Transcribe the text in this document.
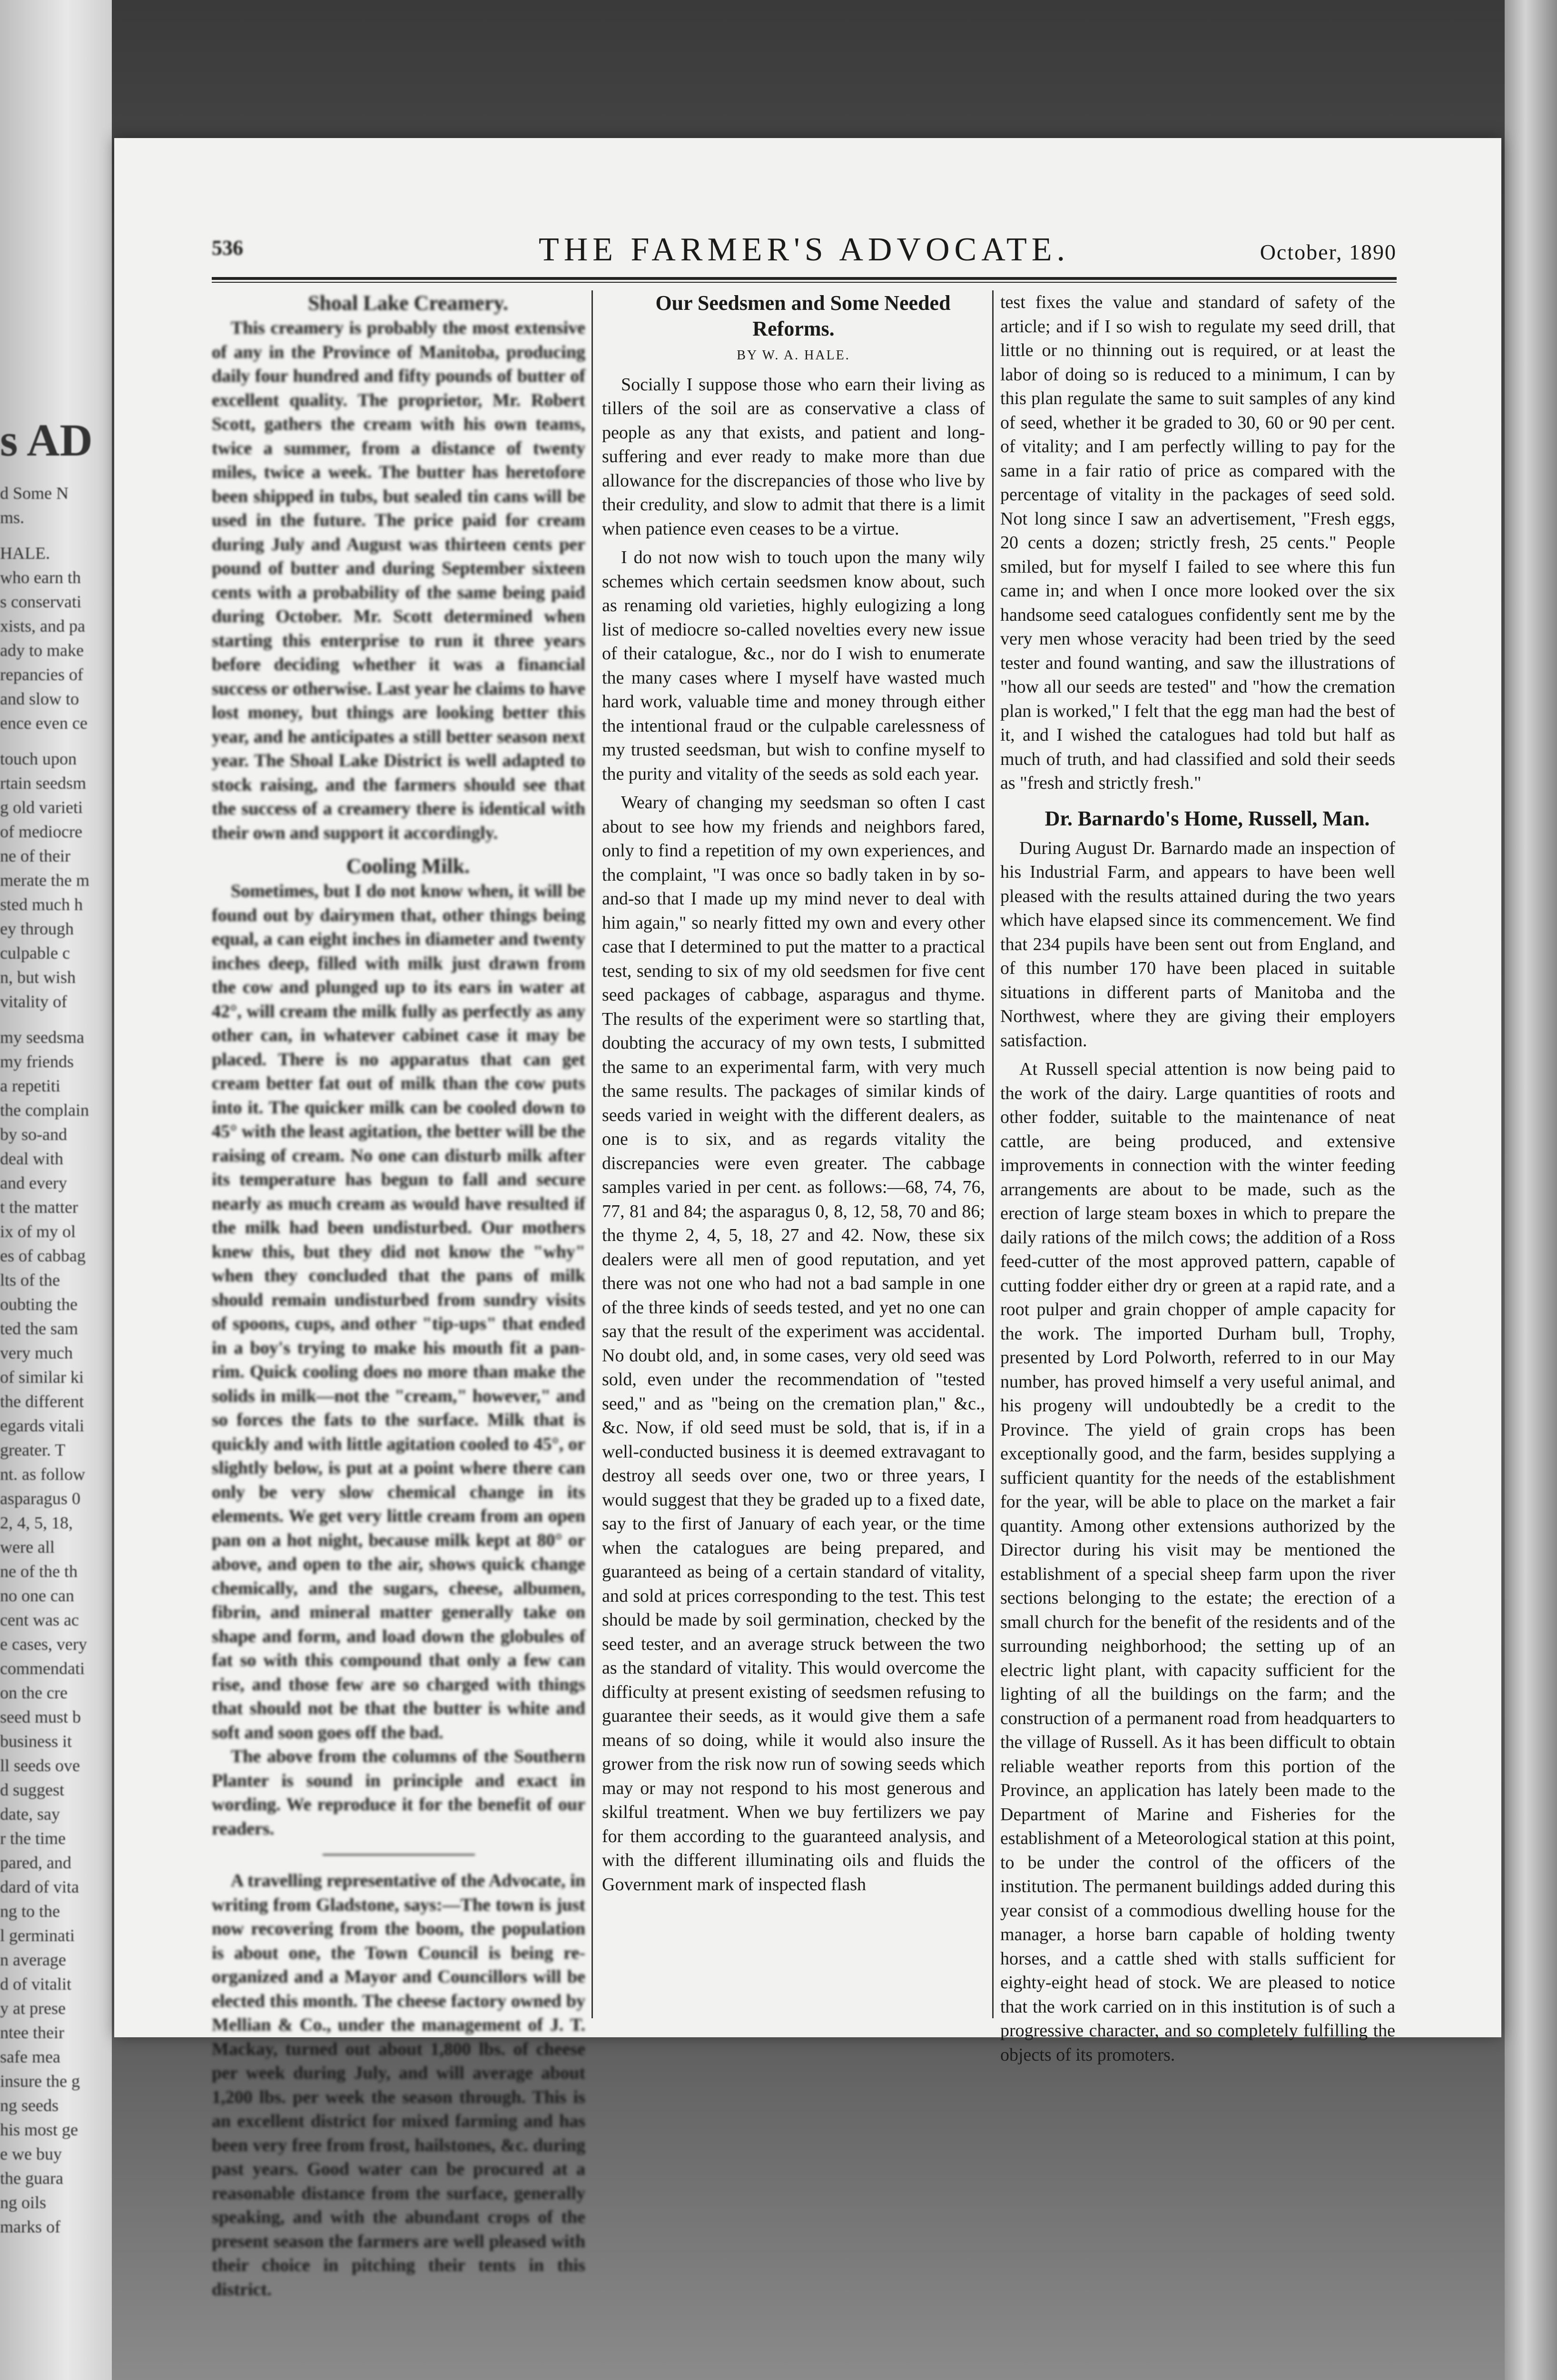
s AD
d Some N
ms.
HALE.
who earn th
s conservati
xists, and pa
ady to make
repancies of
and slow to
ence even ce
touch upon
rtain seedsm
g old varieti
of mediocre
ne of their
merate the m
sted much h
ey through
culpable c
n, but wish
vitality of
my seedsma
my friends
a repetiti
the complain
by so-and
deal with
and every
t the matter
ix of my ol
es of cabbag
lts of the
oubting the
ted the sam
very much
of similar ki
the different
egards vitali
greater. T
nt. as follow
asparagus 0
2, 4, 5, 18,
were all
ne of the th
no one can
cent was ac
e cases, very
commendati
on the cre
seed must b
business it
ll seeds ove
d suggest
date, say
r the time
pared, and
dard of vita
ng to the
l germinati
n average
d of vitalit
y at prese
ntee their
safe mea
insure the g
ng seeds
his most ge
e we buy
the guara
ng oils
marks of
536	THE FARMER'S ADVOCATE.	October, 1890

Shoal Lake Creamery.

This creamery is probably the most extensive of any in the Province of Manitoba, producing daily four hundred and fifty pounds of butter of excellent quality. The proprietor, Mr. Robert Scott, gathers the cream with his own teams, twice a summer, from a distance of twenty miles, twice a week. The butter has heretofore been shipped in tubs, but sealed tin cans will be used in the future. The price paid for cream during July and August was thirteen cents per pound of butter and during September sixteen cents with a probability of the same being paid during October. Mr. Scott determined when starting this enterprise to run it three years before deciding whether it was a financial success or otherwise. Last year he claims to have lost money, but things are looking better this year, and he anticipates a still better season next year. The Shoal Lake District is well adapted to stock raising, and the farmers should see that the success of a creamery there is identical with their own and support it accordingly.

Cooling Milk.

Sometimes, but I do not know when, it will be found out by dairymen that, other things being equal, a can eight inches in diameter and twenty inches deep, filled with milk just drawn from the cow and plunged up to its ears in water at 42°, will cream the milk fully as perfectly as any other can, in whatever cabinet case it may be placed. There is no apparatus that can get cream better fat out of milk than the cow puts into it. The quicker milk can be cooled down to 45° with the least agitation, the better will be the raising of cream. No one can disturb milk after its temperature has begun to fall and secure nearly as much cream as would have resulted if the milk had been undisturbed. Our mothers knew this, but they did not know the "why" when they concluded that the pans of milk should remain undisturbed from sundry visits of spoons, cups, and other "tip-ups" that ended in a boy's trying to make his mouth fit a pan-rim. Quick cooling does no more than make the solids in milk—not the "cream," however," and so forces the fats to the surface. Milk that is quickly and with little agitation cooled to 45°, or slightly below, is put at a point where there can only be very slow chemical change in its elements. We get very little cream from an open pan on a hot night, because milk kept at 80° or above, and open to the air, shows quick change chemically, and the sugars, cheese, albumen, fibrin, and mineral matter generally take on shape and form, and load down the globules of fat so with this compound that only a few can rise, and those few are so charged with things that should not be that the butter is white and soft and soon goes off the bad.

The above from the columns of the Southern Planter is sound in principle and exact in wording. We reproduce it for the benefit of our readers.

A travelling representative of the Advocate, in writing from Gladstone, says:—The town is just now recovering from the boom, the population is about one, the Town Council is being re-organized and a Mayor and Councillors will be elected this month. The cheese factory owned by Mellian & Co., under the management of J. T. Mackay, turned out about 1,800 lbs. of cheese per week during July, and will average about 1,200 lbs. per week the season through. This is an excellent district for mixed farming and has been very free from frost, hailstones, &c. during past years. Good water can be procured at a reasonable distance from the surface, generally speaking, and with the abundant crops of the present season the farmers are well pleased with their choice in pitching their tents in this district.

Our Seedsmen and Some Needed Reforms.

BY W. A. HALE.

Socially I suppose those who earn their living as tillers of the soil are as conservative a class of people as any that exists, and patient and long-suffering and ever ready to make more than due allowance for the discrepancies of those who live by their credulity, and slow to admit that there is a limit when patience even ceases to be a virtue.

I do not now wish to touch upon the many wily schemes which certain seedsmen know about, such as renaming old varieties, highly eulogizing a long list of mediocre so-called novelties every new issue of their catalogue, &c., nor do I wish to enumerate the many cases where I myself have wasted much hard work, valuable time and money through either the intentional fraud or the culpable carelessness of my trusted seedsman, but wish to confine myself to the purity and vitality of the seeds as sold each year.

Weary of changing my seedsman so often I cast about to see how my friends and neighbors fared, only to find a repetition of my own experiences, and the complaint, "I was once so badly taken in by so-and-so that I made up my mind never to deal with him again," so nearly fitted my own and every other case that I determined to put the matter to a practical test, sending to six of my old seedsmen for five cent seed packages of cabbage, asparagus and thyme. The results of the experiment were so startling that, doubting the accuracy of my own tests, I submitted the same to an experimental farm, with very much the same results. The packages of similar kinds of seeds varied in weight with the different dealers, as one is to six, and as regards vitality the discrepancies were even greater. The cabbage samples varied in per cent. as follows:—68, 74, 76, 77, 81 and 84; the asparagus 0, 8, 12, 58, 70 and 86; the thyme 2, 4, 5, 18, 27 and 42. Now, these six dealers were all men of good reputation, and yet there was not one who had not a bad sample in one of the three kinds of seeds tested, and yet no one can say that the result of the experiment was accidental. No doubt old, and, in some cases, very old seed was sold, even under the recommendation of "tested seed," and as "being on the cremation plan," &c., &c. Now, if old seed must be sold, that is, if in a well-conducted business it is deemed extravagant to destroy all seeds over one, two or three years, I would suggest that they be graded up to a fixed date, say to the first of January of each year, or the time when the catalogues are being prepared, and guaranteed as being of a certain standard of vitality, and sold at prices corresponding to the test. This test should be made by soil germination, checked by the seed tester, and an average struck between the two as the standard of vitality. This would overcome the difficulty at present existing of seedsmen refusing to guarantee their seeds, as it would give them a safe means of so doing, while it would also insure the grower from the risk now run of sowing seeds which may or may not respond to his most generous and skilful treatment. When we buy fertilizers we pay for them according to the guaranteed analysis, and with the different illuminating oils and fluids the Government mark of inspected flash

test fixes the value and standard of safety of the article; and if I so wish to regulate my seed drill, that little or no thinning out is required, or at least the labor of doing so is reduced to a minimum, I can by this plan regulate the same to suit samples of any kind of seed, whether it be graded to 30, 60 or 90 per cent. of vitality; and I am perfectly willing to pay for the same in a fair ratio of price as compared with the percentage of vitality in the packages of seed sold. Not long since I saw an advertisement, "Fresh eggs, 20 cents a dozen; strictly fresh, 25 cents." People smiled, but for myself I failed to see where this fun came in; and when I once more looked over the six handsome seed catalogues confidently sent me by the very men whose veracity had been tried by the seed tester and found wanting, and saw the illustrations of "how all our seeds are tested" and "how the cremation plan is worked," I felt that the egg man had the best of it, and I wished the catalogues had told but half as much of truth, and had classified and sold their seeds as "fresh and strictly fresh."

Dr. Barnardo's Home, Russell, Man.

During August Dr. Barnardo made an inspection of his Industrial Farm, and appears to have been well pleased with the results attained during the two years which have elapsed since its commencement. We find that 234 pupils have been sent out from England, and of this number 170 have been placed in suitable situations in different parts of Manitoba and the Northwest, where they are giving their employers satisfaction.

At Russell special attention is now being paid to the work of the dairy. Large quantities of roots and other fodder, suitable to the maintenance of neat cattle, are being produced, and extensive improvements in connection with the winter feeding arrangements are about to be made, such as the erection of large steam boxes in which to prepare the daily rations of the milch cows; the addition of a Ross feed-cutter of the most approved pattern, capable of cutting fodder either dry or green at a rapid rate, and a root pulper and grain chopper of ample capacity for the work. The imported Durham bull, Trophy, presented by Lord Polworth, referred to in our May number, has proved himself a very useful animal, and his progeny will undoubtedly be a credit to the Province. The yield of grain crops has been exceptionally good, and the farm, besides supplying a sufficient quantity for the needs of the establishment for the year, will be able to place on the market a fair quantity. Among other extensions authorized by the Director during his visit may be mentioned the establishment of a special sheep farm upon the river sections belonging to the estate; the erection of a small church for the benefit of the residents and of the surrounding neighborhood; the setting up of an electric light plant, with capacity sufficient for the lighting of all the buildings on the farm; and the construction of a permanent road from headquarters to the village of Russell. As it has been difficult to obtain reliable weather reports from this portion of the Province, an application has lately been made to the Department of Marine and Fisheries for the establishment of a Meteorological station at this point, to be under the control of the officers of the institution. The permanent buildings added during this year consist of a commodious dwelling house for the manager, a horse barn capable of holding twenty horses, and a cattle shed with stalls sufficient for eighty-eight head of stock. We are pleased to notice that the work carried on in this institution is of such a progressive character, and so completely fulfilling the objects of its promoters.
